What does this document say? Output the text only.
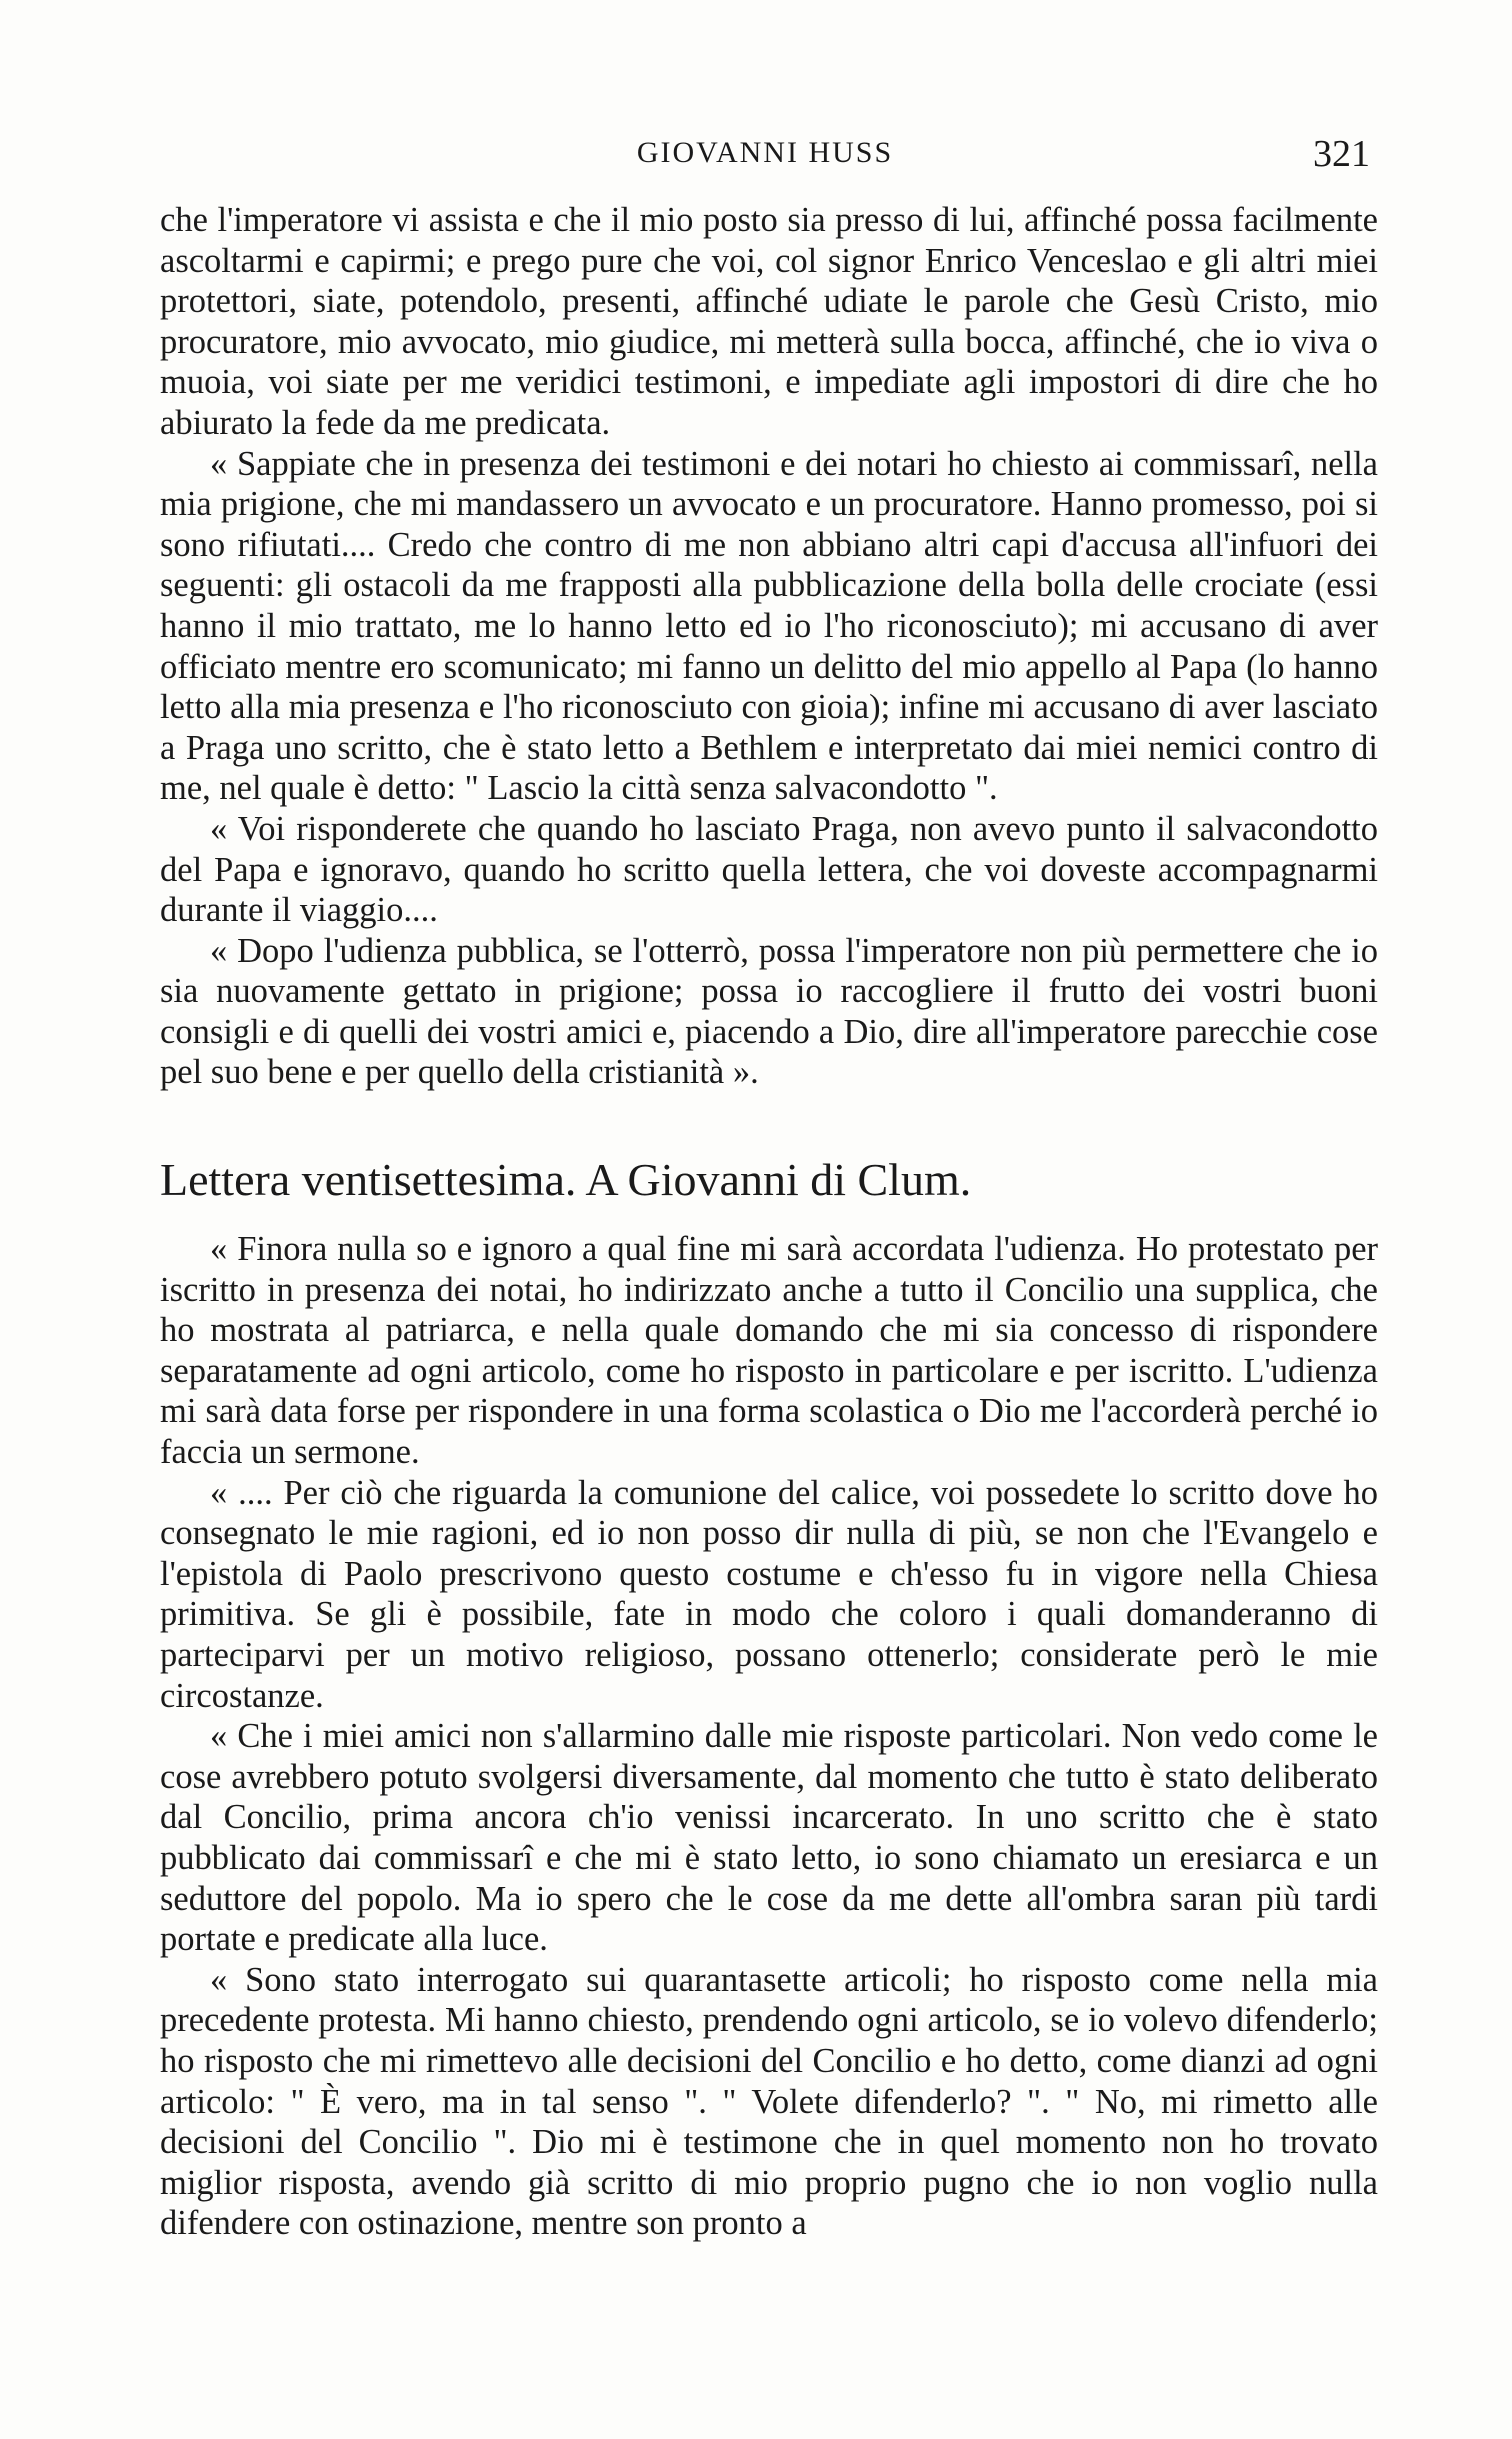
GIOVANNI HUSS	321

che l'imperatore vi assista e che il mio posto sia presso di lui, affinché possa facilmente ascoltarmi e capirmi; e prego pure che voi, col signor Enrico Venceslao e gli altri miei protettori, siate, potendolo, presenti, affinché udiate le parole che Gesù Cristo, mio procuratore, mio avvocato, mio giudice, mi metterà sulla bocca, affinché, che io viva o muoia, voi siate per me veridici testimoni, e impediate agli impostori di dire che ho abiurato la fede da me predicata.

« Sappiate che in presenza dei testimoni e dei notari ho chiesto ai commissarî, nella mia prigione, che mi mandassero un avvocato e un procuratore. Hanno promesso, poi si sono rifiutati.... Credo che contro di me non abbiano altri capi d'accusa all'infuori dei seguenti: gli ostacoli da me frapposti alla pubblicazione della bolla delle crociate (essi hanno il mio trattato, me lo hanno letto ed io l'ho riconosciuto); mi accusano di aver officiato mentre ero scomunicato; mi fanno un delitto del mio appello al Papa (lo hanno letto alla mia presenza e l'ho riconosciuto con gioia); infine mi accusano di aver lasciato a Praga uno scritto, che è stato letto a Bethlem e interpretato dai miei nemici contro di me, nel quale è detto: " Lascio la città senza salvacondotto ".

« Voi risponderete che quando ho lasciato Praga, non avevo punto il salvacondotto del Papa e ignoravo, quando ho scritto quella lettera, che voi doveste accompagnarmi durante il viaggio....

« Dopo l'udienza pubblica, se l'otterrò, possa l'imperatore non più permettere che io sia nuovamente gettato in prigione; possa io raccogliere il frutto dei vostri buoni consigli e di quelli dei vostri amici e, piacendo a Dio, dire all'imperatore parecchie cose pel suo bene e per quello della cristianità ».

Lettera ventisettesima. A Giovanni di Clum.

« Finora nulla so e ignoro a qual fine mi sarà accordata l'udienza. Ho protestato per iscritto in presenza dei notai, ho indirizzato anche a tutto il Concilio una supplica, che ho mostrata al patriarca, e nella quale domando che mi sia concesso di rispondere separatamente ad ogni articolo, come ho risposto in particolare e per iscritto. L'udienza mi sarà data forse per rispondere in una forma scolastica o Dio me l'accorderà perché io faccia un sermone.

« .... Per ciò che riguarda la comunione del calice, voi possedete lo scritto dove ho consegnato le mie ragioni, ed io non posso dir nulla di più, se non che l'Evangelo e l'epistola di Paolo prescrivono questo costume e ch'esso fu in vigore nella Chiesa primitiva. Se gli è possibile, fate in modo che coloro i quali domanderanno di parteciparvi per un motivo religioso, possano ottenerlo; considerate però le mie circostanze.

« Che i miei amici non s'allarmino dalle mie risposte particolari. Non vedo come le cose avrebbero potuto svolgersi diversamente, dal momento che tutto è stato deliberato dal Concilio, prima ancora ch'io venissi incarcerato. In uno scritto che è stato pubblicato dai commissarî e che mi è stato letto, io sono chiamato un eresiarca e un seduttore del popolo. Ma io spero che le cose da me dette all'ombra saran più tardi portate e predicate alla luce.

« Sono stato interrogato sui quarantasette articoli; ho risposto come nella mia precedente protesta. Mi hanno chiesto, prendendo ogni articolo, se io volevo difenderlo; ho risposto che mi rimettevo alle decisioni del Concilio e ho detto, come dianzi ad ogni articolo: " È vero, ma in tal senso ". " Volete difenderlo? ". " No, mi rimetto alle decisioni del Concilio ". Dio mi è testimone che in quel momento non ho trovato miglior risposta, avendo già scritto di mio proprio pugno che io non voglio nulla difendere con ostinazione, mentre son pronto a
